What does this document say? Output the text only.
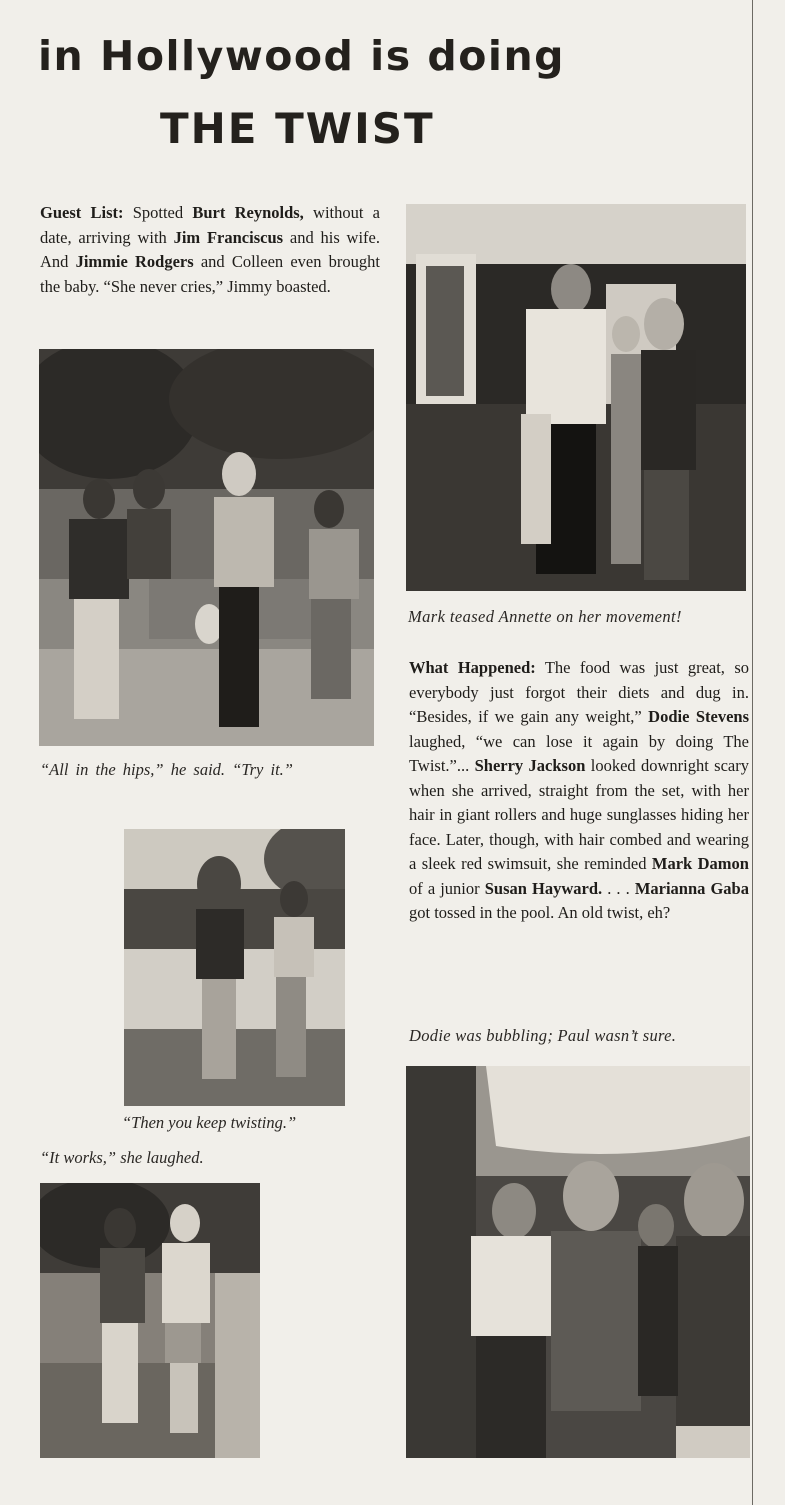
in Hollywood is doing
THE TWIST

Guest List: Spotted Burt Reynolds, without a date, arriving with Jim Franciscus and his wife. And Jimmie Rodgers and Colleen even brought the baby. “She never cries,” Jimmy boasted.

Mark teased Annette on her movement!

“All in the hips,” he said. “Try it.”

What Happened: The food was just great, so everybody just forgot their diets and dug in. “Besides, if we gain any weight,” Dodie Stevens laughed, “we can lose it again by doing The Twist.”... Sherry Jackson looked downright scary when she arrived, straight from the set, with her hair in giant rollers and huge sunglasses hiding her face. Later, though, with hair combed and wearing a sleek red swimsuit, she reminded Mark Damon of a junior Susan Hayward. . . . Marianna Gaba got tossed in the pool. An old twist, eh?

“Then you keep twisting.”

“It works,” she laughed.

Dodie was bubbling; Paul wasn’t sure.
